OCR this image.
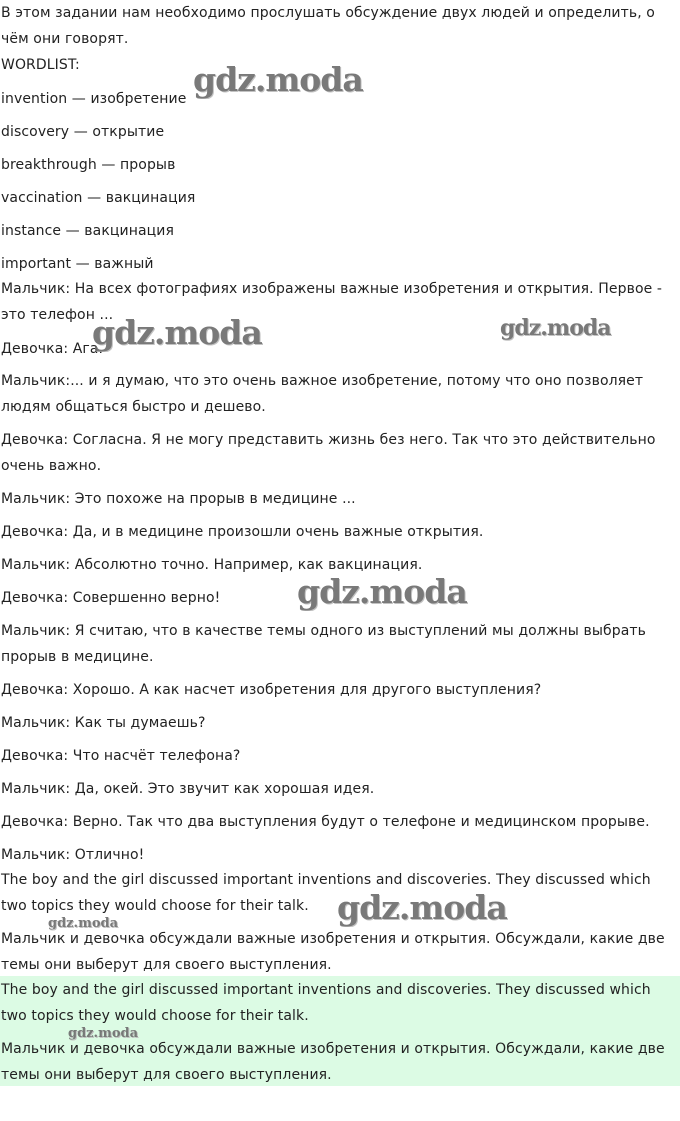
В этом задании нам необходимо прослушать обсуждение двух людей и определить, о чём они говорят.

WORDLIST:

invention — изобретение

discovery — открытие

breakthrough — прорыв

vaccination — вакцинация

instance — вакцинация

important — важный

Мальчик: На всех фотографиях изображены важные изобретения и открытия. Первое - это телефон ...

Девочка: Ага.

Мальчик:... и я думаю, что это очень важное изобретение, потому что оно позволяет людям общаться быстро и дешево.

Девочка: Согласна. Я не могу представить жизнь без него. Так что это действительно очень важно.

Мальчик: Это похоже на прорыв в медицине ...

Девочка: Да, и в медицине произошли очень важные открытия.

Мальчик: Абсолютно точно. Например, как вакцинация.

Девочка: Совершенно верно!

Мальчик: Я считаю, что в качестве темы одного из выступлений мы должны выбрать прорыв в медицине.

Девочка: Хорошо. А как насчет изобретения для другого выступления?

Мальчик: Как ты думаешь?

Девочка: Что насчёт телефона?

Мальчик: Да, окей. Это звучит как хорошая идея.

Девочка: Верно. Так что два выступления будут о телефоне и медицинском прорыве.

Мальчик: Отлично!

The boy and the girl discussed important inventions and discoveries. They discussed which two topics they would choose for their talk.

Мальчик и девочка обсуждали важные изобретения и открытия. Обсуждали, какие две темы они выберут для своего выступления.

The boy and the girl discussed important inventions and discoveries. They discussed which two topics they would choose for their talk.

Мальчик и девочка обсуждали важные изобретения и открытия. Обсуждали, какие две темы они выберут для своего выступления.

gdz.moda
gdz.moda	gdz.moda
gdz.moda
gdz.moda
gdz.moda
gdz.moda
